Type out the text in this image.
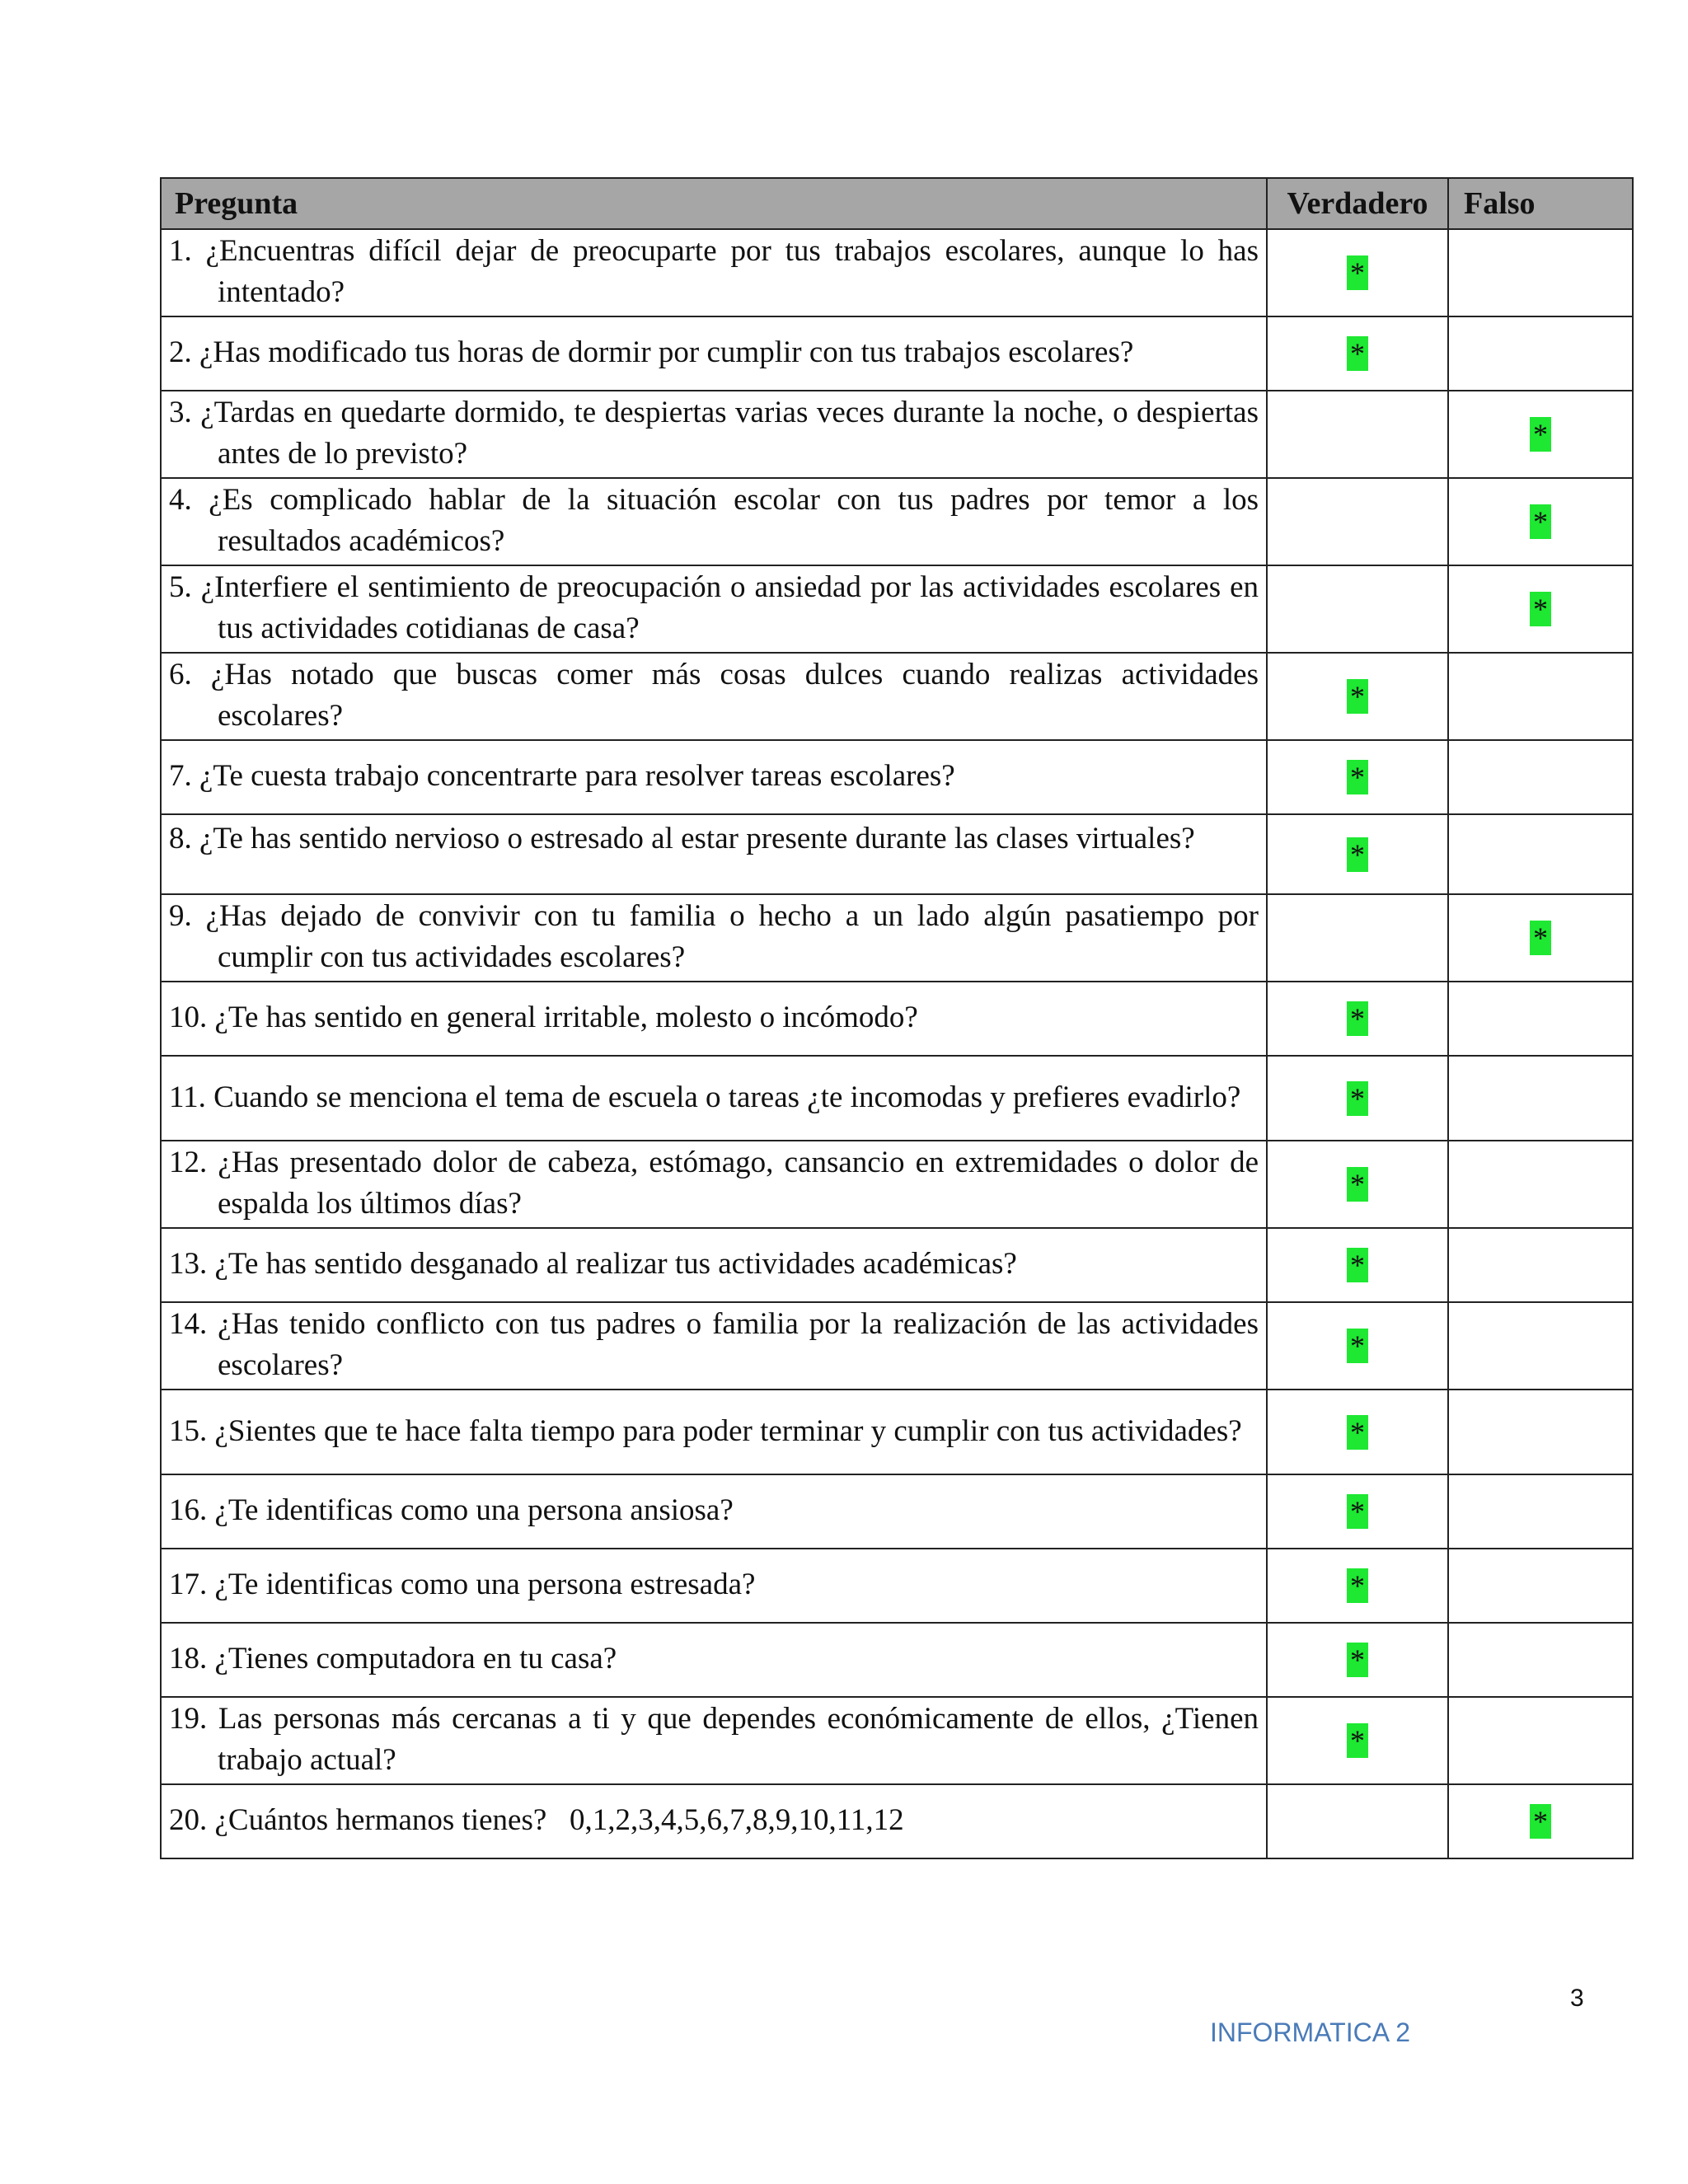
Pregunta	Verdadero	Falso
1. ¿Encuentras difícil dejar de preocuparte por tus trabajos escolares, aunque lo has intentado?	*	
2. ¿Has modificado tus horas de dormir por cumplir con tus trabajos escolares?	*	
3. ¿Tardas en quedarte dormido, te despiertas varias veces durante la noche, o despiertas antes de lo previsto?		*
4. ¿Es complicado hablar de la situación escolar con tus padres por temor a los resultados académicos?		*
5. ¿Interfiere el sentimiento de preocupación o ansiedad por las actividades escolares en tus actividades cotidianas de casa?		*
6. ¿Has notado que buscas comer más cosas dulces cuando realizas actividades escolares?	*	
7. ¿Te cuesta trabajo concentrarte para resolver tareas escolares?	*	
8. ¿Te has sentido nervioso o estresado al estar presente durante las clases virtuales?	*	
9. ¿Has dejado de convivir con tu familia o hecho a un lado algún pasatiempo por cumplir con tus actividades escolares?		*
10. ¿Te has sentido en general irritable, molesto o incómodo?	*	
11. Cuando se menciona el tema de escuela o tareas ¿te incomodas y prefieres evadirlo?	*	
12. ¿Has presentado dolor de cabeza, estómago, cansancio en extremidades o dolor de espalda los últimos días?	*	
13. ¿Te has sentido desganado al realizar tus actividades académicas?	*	
14. ¿Has tenido conflicto con tus padres o familia por la realización de las actividades escolares?	*	
15. ¿Sientes que te hace falta tiempo para poder terminar y cumplir con tus actividades?	*	
16. ¿Te identificas como una persona ansiosa?	*	
17. ¿Te identificas como una persona estresada?	*	
18. ¿Tienes computadora en tu casa?	*	
19. Las personas más cercanas a ti y que dependes económicamente de ellos, ¿Tienen trabajo actual?	*	
20. ¿Cuántos hermanos tienes?   0,1,2,3,4,5,6,7,8,9,10,11,12		*
3
INFORMATICA 2
